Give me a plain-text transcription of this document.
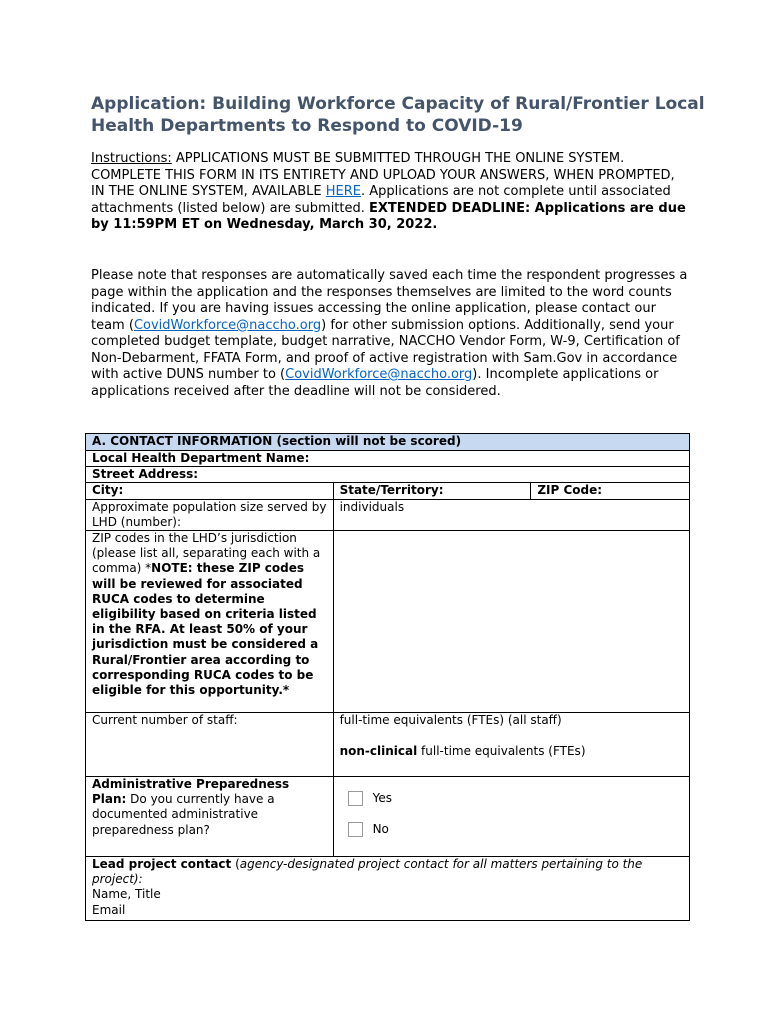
Application: Building Workforce Capacity of Rural/Frontier Local Health Departments to Respond to COVID-19

Instructions: APPLICATIONS MUST BE SUBMITTED THROUGH THE ONLINE SYSTEM. COMPLETE THIS FORM IN ITS ENTIRETY AND UPLOAD YOUR ANSWERS, WHEN PROMPTED, IN THE ONLINE SYSTEM, AVAILABLE HERE. Applications are not complete until associated attachments (listed below) are submitted. EXTENDED DEADLINE: Applications are due by 11:59PM ET on Wednesday, March 30, 2022.

Please note that responses are automatically saved each time the respondent progresses a page within the application and the responses themselves are limited to the word counts indicated. If you are having issues accessing the online application, please contact our team (CovidWorkforce@naccho.org) for other submission options. Additionally, send your completed budget template, budget narrative, NACCHO Vendor Form, W-9, Certification of Non-Debarment, FFATA Form, and proof of active registration with Sam.Gov in accordance with active DUNS number to (CovidWorkforce@naccho.org). Incomplete applications or applications received after the deadline will not be considered.

A. CONTACT INFORMATION (section will not be scored)		
Local Health Department Name:		
Street Address:		
City:	State/Territory:	ZIP Code:
Approximate population size served by LHD (number):	individuals	
ZIP codes in the LHD’s jurisdiction (please list all, separating each with a comma) *NOTE: these ZIP codes will be reviewed for associated RUCA codes to determine eligibility based on criteria listed in the RFA. At least 50% of your jurisdiction must be considered a Rural/Frontier area according to corresponding RUCA codes to be eligible for this opportunity.*		
Current number of staff:	full-time equivalents (FTEs) (all staff)
non-clinical full-time equivalents (FTEs)	

Administrative Preparedness Plan: Do you currently have a documented administrative preparedness plan?	Yes
No	

Lead project contact (agency-designated project contact for all matters pertaining to the project):
Name, Title
Email		
